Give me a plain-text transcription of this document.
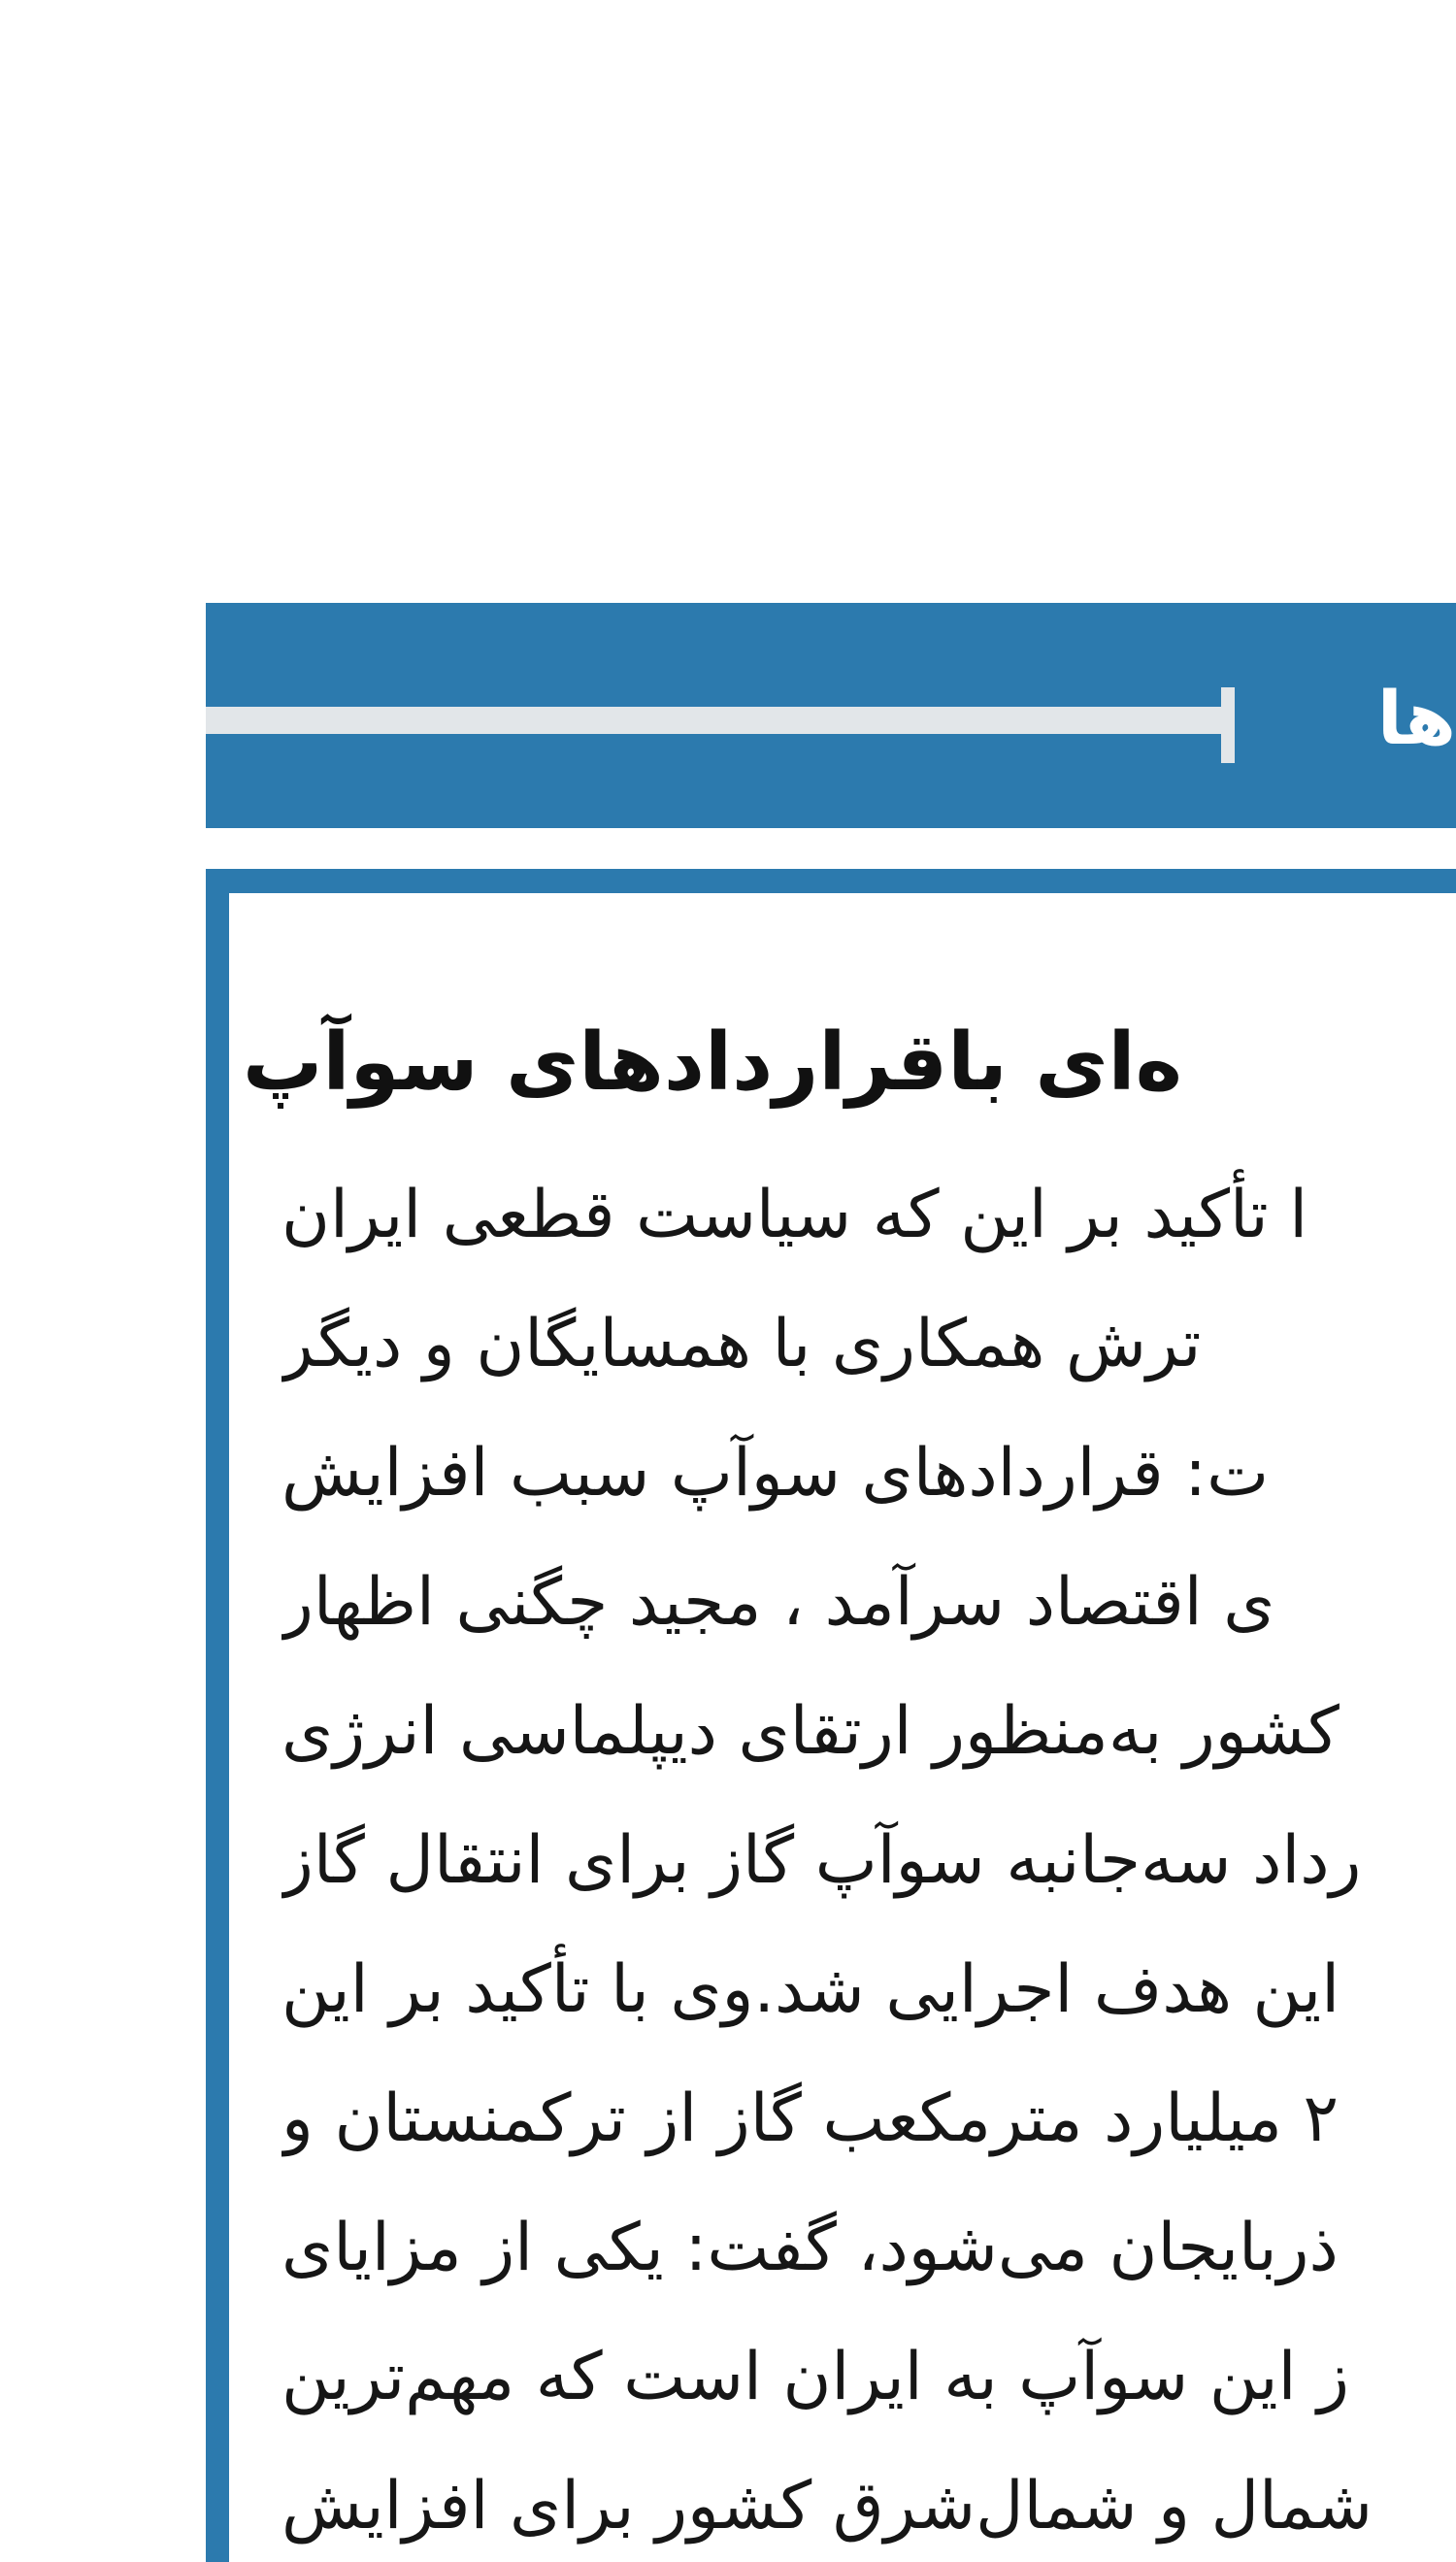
ها
ه‌ای باقراردادهای سوآپ
ا تأکید بر این که سیاست قطعی ایران
ترش همکاری با همسایگان و دیگر
ت: قراردادهای سوآپ سبب افزایش
ی اقتصاد سرآمد ، مجید چگنی اظهار
کشور به‌منظور ارتقای دیپلماسی انرژی
رداد سه‌جانبه سوآپ گاز برای انتقال گاز
این هدف اجرایی شد.وی با تأکید بر این
۲ میلیارد مترمکعب گاز از ترکمنستان و
ذربایجان می‌شود، گفت: یکی از مزایای
ز این سوآپ به ایران است که مهم‌ترین
شمال و شمال‌شرق کشور برای افزایش
